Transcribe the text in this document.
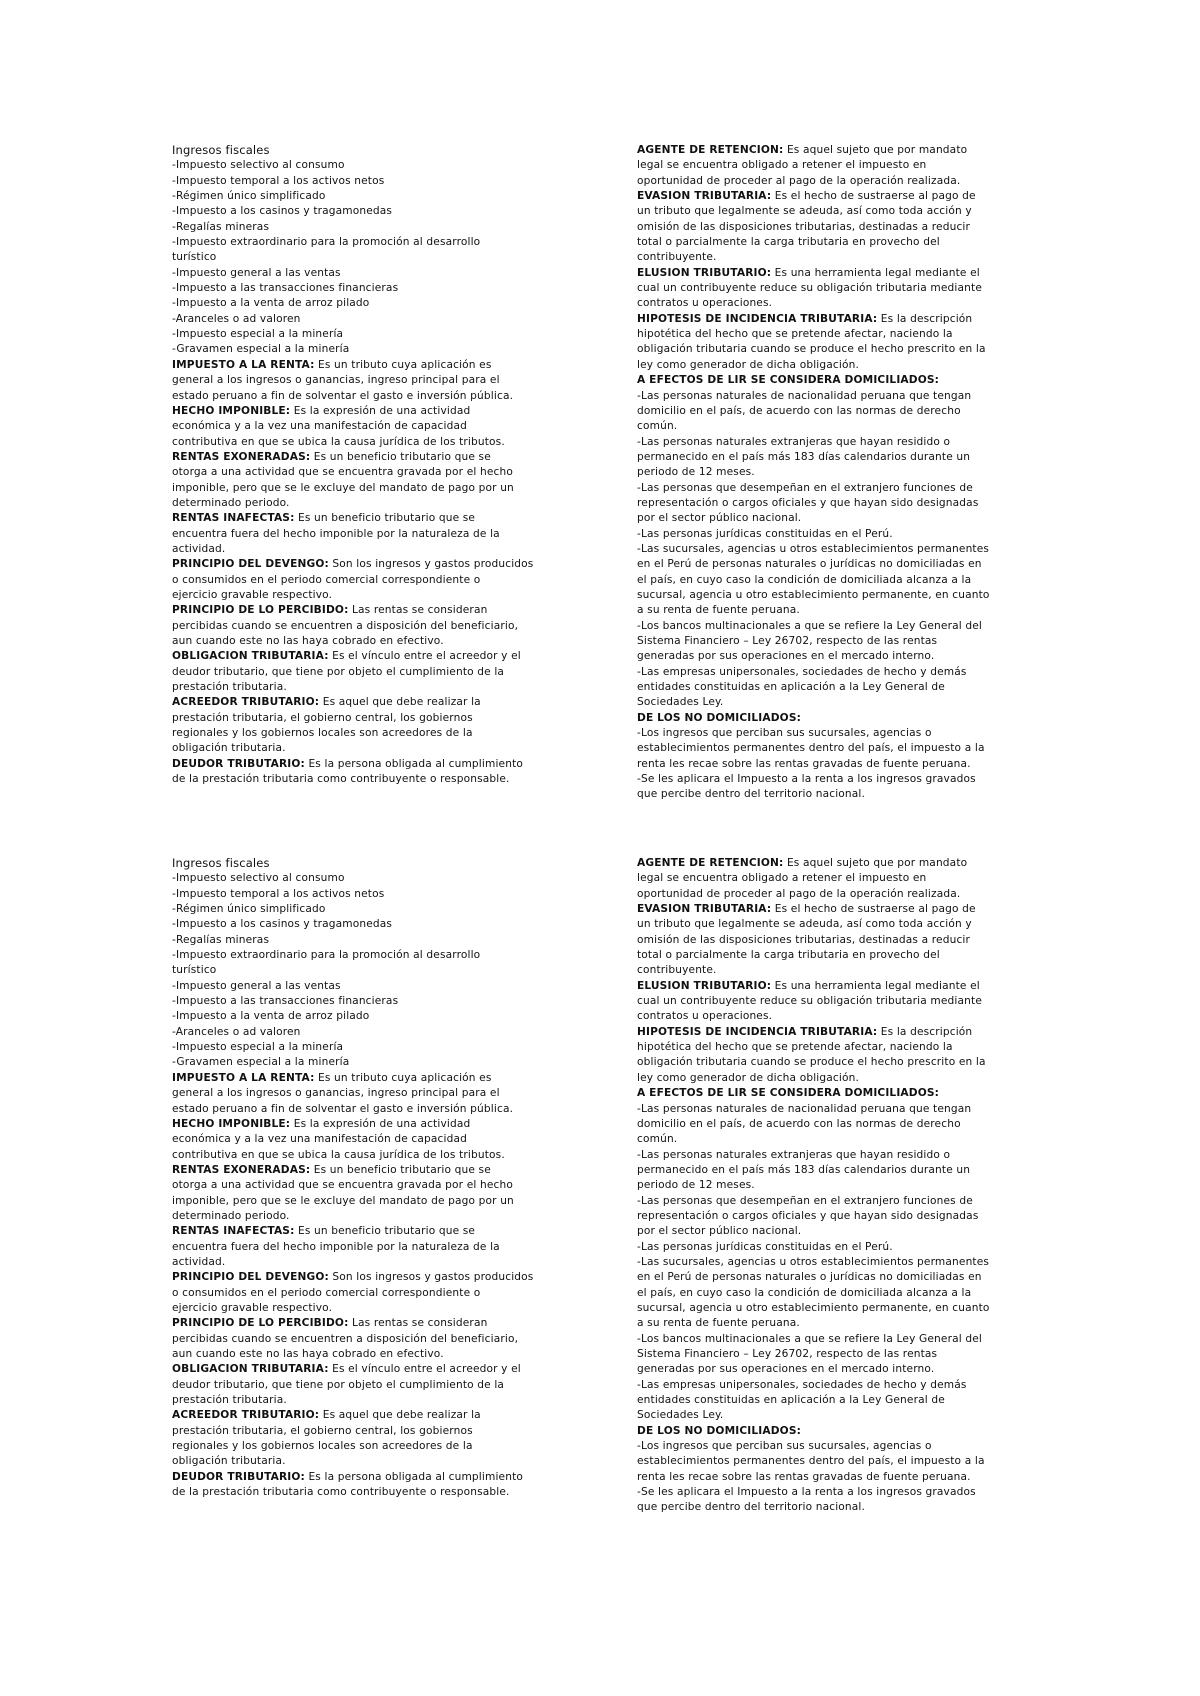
Ingresos fiscales
-Impuesto selectivo al consumo
-Impuesto temporal a los activos netos
-Régimen único simplificado
-Impuesto a los casinos y tragamonedas
-Regalías mineras
-Impuesto extraordinario para la promoción al desarrollo
turístico
-Impuesto general a las ventas
-Impuesto a las transacciones financieras
-Impuesto a la venta de arroz pilado
-Aranceles o ad valoren
-Impuesto especial a la minería
-Gravamen especial a la minería
IMPUESTO A LA RENTA: Es un tributo cuya aplicación es
general a los ingresos o ganancias, ingreso principal para el
estado peruano a fin de solventar el gasto e inversión pública.
HECHO IMPONIBLE: Es la expresión de una actividad
económica y a la vez una manifestación de capacidad
contributiva en que se ubica la causa jurídica de los tributos.
RENTAS EXONERADAS: Es un beneficio tributario que se
otorga a una actividad que se encuentra gravada por el hecho
imponible, pero que se le excluye del mandato de pago por un
determinado periodo.
RENTAS INAFECTAS: Es un beneficio tributario que se
encuentra fuera del hecho imponible por la naturaleza de la
actividad.
PRINCIPIO DEL DEVENGO: Son los ingresos y gastos producidos
o consumidos en el periodo comercial correspondiente o
ejercicio gravable respectivo.
PRINCIPIO DE LO PERCIBIDO: Las rentas se consideran
percibidas cuando se encuentren a disposición del beneficiario,
aun cuando este no las haya cobrado en efectivo.
OBLIGACION TRIBUTARIA: Es el vínculo entre el acreedor y el
deudor tributario, que tiene por objeto el cumplimiento de la
prestación tributaria.
ACREEDOR TRIBUTARIO: Es aquel que debe realizar la
prestación tributaria, el gobierno central, los gobiernos
regionales y los gobiernos locales son acreedores de la
obligación tributaria.
DEUDOR TRIBUTARIO: Es la persona obligada al cumplimiento
de la prestación tributaria como contribuyente o responsable.
AGENTE DE RETENCION: Es aquel sujeto que por mandato
legal se encuentra obligado a retener el impuesto en
oportunidad de proceder al pago de la operación realizada.
EVASION TRIBUTARIA: Es el hecho de sustraerse al pago de
un tributo que legalmente se adeuda, así como toda acción y
omisión de las disposiciones tributarias, destinadas a reducir
total o parcialmente la carga tributaria en provecho del
contribuyente.
ELUSION TRIBUTARIO: Es una herramienta legal mediante el
cual un contribuyente reduce su obligación tributaria mediante
contratos u operaciones.
HIPOTESIS DE INCIDENCIA TRIBUTARIA: Es la descripción
hipotética del hecho que se pretende afectar, naciendo la
obligación tributaria cuando se produce el hecho prescrito en la
ley como generador de dicha obligación.
A EFECTOS DE LIR SE CONSIDERA DOMICILIADOS:
-Las personas naturales de nacionalidad peruana que tengan
domicilio en el país, de acuerdo con las normas de derecho
común.
-Las personas naturales extranjeras que hayan residido o
permanecido en el país más 183 días calendarios durante un
periodo de 12 meses.
-Las personas que desempeñan en el extranjero funciones de
representación o cargos oficiales y que hayan sido designadas
por el sector público nacional.
-Las personas jurídicas constituidas en el Perú.
-Las sucursales, agencias u otros establecimientos permanentes
en el Perú de personas naturales o jurídicas no domiciliadas en
el país, en cuyo caso la condición de domiciliada alcanza a la
sucursal, agencia u otro establecimiento permanente, en cuanto
a su renta de fuente peruana.
-Los bancos multinacionales a que se refiere la Ley General del
Sistema Financiero – Ley 26702, respecto de las rentas
generadas por sus operaciones en el mercado interno.
-Las empresas unipersonales, sociedades de hecho y demás
entidades constituidas en aplicación a la Ley General de
Sociedades Ley.
DE LOS NO DOMICILIADOS:
-Los ingresos que perciban sus sucursales, agencias o
establecimientos permanentes dentro del país, el impuesto a la
renta les recae sobre las rentas gravadas de fuente peruana.
-Se les aplicara el Impuesto a la renta a los ingresos gravados
que percibe dentro del territorio nacional.
Ingresos fiscales
-Impuesto selectivo al consumo
-Impuesto temporal a los activos netos
-Régimen único simplificado
-Impuesto a los casinos y tragamonedas
-Regalías mineras
-Impuesto extraordinario para la promoción al desarrollo
turístico
-Impuesto general a las ventas
-Impuesto a las transacciones financieras
-Impuesto a la venta de arroz pilado
-Aranceles o ad valoren
-Impuesto especial a la minería
-Gravamen especial a la minería
IMPUESTO A LA RENTA: Es un tributo cuya aplicación es
general a los ingresos o ganancias, ingreso principal para el
estado peruano a fin de solventar el gasto e inversión pública.
HECHO IMPONIBLE: Es la expresión de una actividad
económica y a la vez una manifestación de capacidad
contributiva en que se ubica la causa jurídica de los tributos.
RENTAS EXONERADAS: Es un beneficio tributario que se
otorga a una actividad que se encuentra gravada por el hecho
imponible, pero que se le excluye del mandato de pago por un
determinado periodo.
RENTAS INAFECTAS: Es un beneficio tributario que se
encuentra fuera del hecho imponible por la naturaleza de la
actividad.
PRINCIPIO DEL DEVENGO: Son los ingresos y gastos producidos
o consumidos en el periodo comercial correspondiente o
ejercicio gravable respectivo.
PRINCIPIO DE LO PERCIBIDO: Las rentas se consideran
percibidas cuando se encuentren a disposición del beneficiario,
aun cuando este no las haya cobrado en efectivo.
OBLIGACION TRIBUTARIA: Es el vínculo entre el acreedor y el
deudor tributario, que tiene por objeto el cumplimiento de la
prestación tributaria.
ACREEDOR TRIBUTARIO: Es aquel que debe realizar la
prestación tributaria, el gobierno central, los gobiernos
regionales y los gobiernos locales son acreedores de la
obligación tributaria.
DEUDOR TRIBUTARIO: Es la persona obligada al cumplimiento
de la prestación tributaria como contribuyente o responsable.
AGENTE DE RETENCION: Es aquel sujeto que por mandato
legal se encuentra obligado a retener el impuesto en
oportunidad de proceder al pago de la operación realizada.
EVASION TRIBUTARIA: Es el hecho de sustraerse al pago de
un tributo que legalmente se adeuda, así como toda acción y
omisión de las disposiciones tributarias, destinadas a reducir
total o parcialmente la carga tributaria en provecho del
contribuyente.
ELUSION TRIBUTARIO: Es una herramienta legal mediante el
cual un contribuyente reduce su obligación tributaria mediante
contratos u operaciones.
HIPOTESIS DE INCIDENCIA TRIBUTARIA: Es la descripción
hipotética del hecho que se pretende afectar, naciendo la
obligación tributaria cuando se produce el hecho prescrito en la
ley como generador de dicha obligación.
A EFECTOS DE LIR SE CONSIDERA DOMICILIADOS:
-Las personas naturales de nacionalidad peruana que tengan
domicilio en el país, de acuerdo con las normas de derecho
común.
-Las personas naturales extranjeras que hayan residido o
permanecido en el país más 183 días calendarios durante un
periodo de 12 meses.
-Las personas que desempeñan en el extranjero funciones de
representación o cargos oficiales y que hayan sido designadas
por el sector público nacional.
-Las personas jurídicas constituidas en el Perú.
-Las sucursales, agencias u otros establecimientos permanentes
en el Perú de personas naturales o jurídicas no domiciliadas en
el país, en cuyo caso la condición de domiciliada alcanza a la
sucursal, agencia u otro establecimiento permanente, en cuanto
a su renta de fuente peruana.
-Los bancos multinacionales a que se refiere la Ley General del
Sistema Financiero – Ley 26702, respecto de las rentas
generadas por sus operaciones en el mercado interno.
-Las empresas unipersonales, sociedades de hecho y demás
entidades constituidas en aplicación a la Ley General de
Sociedades Ley.
DE LOS NO DOMICILIADOS:
-Los ingresos que perciban sus sucursales, agencias o
establecimientos permanentes dentro del país, el impuesto a la
renta les recae sobre las rentas gravadas de fuente peruana.
-Se les aplicara el Impuesto a la renta a los ingresos gravados
que percibe dentro del territorio nacional.
